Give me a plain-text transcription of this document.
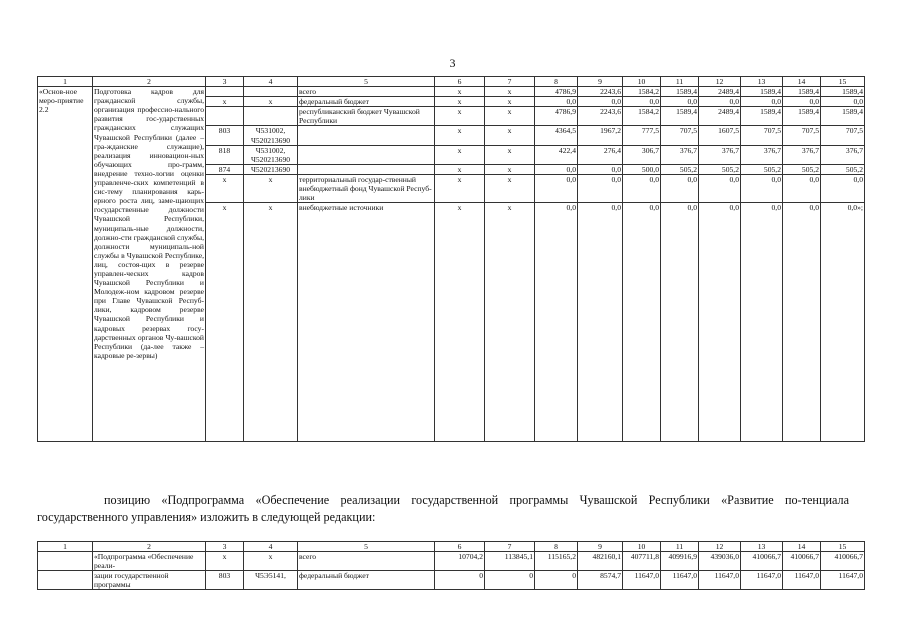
3
1	2	3	4	5	6	7	8	9	10	11	12	13	14	15
«Основ-ное меро-приятие 2.2	Подготовка кадров для гражданской службы, организация профессио-нального развития гос-ударственных гражданских служащих Чувашской Республики (далее – гра-жданские служащие), реализация инновацион-ных обучающих про-грамм, внедрение техно-логии оценки управленче-ских компетенций в сис-тему планирования карь-ерного роста лиц, заме-щающих государственные должности Чувашской Республики, муниципаль-ные должности, должно-сти гражданской службы, должности муниципаль-ной службы в Чувашской Республике, лиц, состоя-щих в резерве управлен-ческих кадров Чувашской Республики и Молодеж-ном кадровом резерве при Главе Чувашской Респуб-лики, кадровом резерве Чувашской Республики и кадровых резервах госу-дарственных органов Чу-вашской Республики (да-лее также – кадровые ре-зервы)			всего	х	х	4786,9	2243,6	1584,2	1589,4	2489,4	1589,4	1589,4	1589,4
		х	х	федеральный бюджет	х	х	0,0	0,0	0,0	0,0	0,0	0,0	0,0	0,0
				республиканский бюджет Чувашской Республики	х	х	4786,9	2243,6	1584,2	1589,4	2489,4	1589,4	1589,4	1589,4
		803	Ч531002, Ч520213690		х	х	4364,5	1967,2	777,5	707,5	1607,5	707,5	707,5	707,5
		818	Ч531002, Ч520213690		х	х	422,4	276,4	306,7	376,7	376,7	376,7	376,7	376,7
		874	Ч520213690		х	х	0,0	0,0	500,0	505,2	505,2	505,2	505,2	505,2
		х	х	территориальный государ-ственный внебюджетный фонд Чувашской Респуб-лики	х	х	0,0	0,0	0,0	0,0	0,0	0,0	0,0	0,0
		х	х	внебюджетные источники	х	х	0,0	0,0	0,0	0,0	0,0	0,0	0,0	0,0»;

позицию «Подпрограмма «Обеспечение реализации государственной программы Чувашской Республики «Развитие по-тенциала государственного управления» изложить в следующей редакции:

1	2	3	4	5	6	7	8	9	10	11	12	13	14	15
	«Подпрограмма «Обеспечение реали-	х	х	всего	10704,2	113845,1	115165,2	482160,1	407711,8	409916,9	439036,0	410066,7	410066,7	410066,7
	зации государственной программы	803	Ч5Э5141,	федеральный бюджет	0	0	0	8574,7	11647,0	11647,0	11647,0	11647,0	11647,0	11647,0
